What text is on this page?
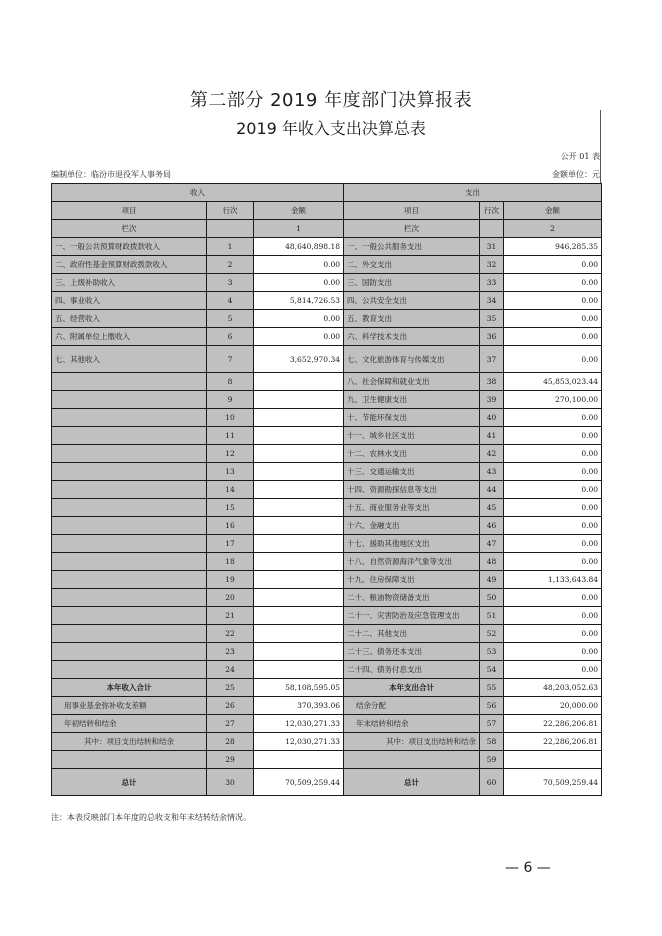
第二部分 2019 年度部门决算报表
2019 年收入支出决算总表
公开 01 表
编制单位：临汾市退役军人事务局	金额单位：元
收入			支出		
项目	行次	金额	项目	行次	金额
栏次		1	栏次		2
一、一般公共预算财政拨款收入	1	48,640,898.18	一、一般公共服务支出	31	946,285.35
二、政府性基金预算财政拨款收入	2	0.00	二、外交支出	32	0.00
三、上级补助收入	3	0.00	三、国防支出	33	0.00
四、事业收入	4	5,814,726.53	四、公共安全支出	34	0.00
五、经营收入	5	0.00	五、教育支出	35	0.00
六、附属单位上缴收入	6	0.00	六、科学技术支出	36	0.00
七、其他收入	7	3,652,970.34	七、文化旅游体育与传媒支出	37	0.00
	8		八、社会保障和就业支出	38	45,853,023.44
	9		九、卫生健康支出	39	270,100.00
	10		十、节能环保支出	40	0.00
	11		十一、城乡社区支出	41	0.00
	12		十二、农林水支出	42	0.00
	13		十三、交通运输支出	43	0.00
	14		十四、资源勘探信息等支出	44	0.00
	15		十五、商业服务业等支出	45	0.00
	16		十六、金融支出	46	0.00
	17		十七、援助其他地区支出	47	0.00
	18		十八、自然资源海洋气象等支出	48	0.00
	19		十九、住房保障支出	49	1,133,643.84
	20		二十、粮油物资储备支出	50	0.00
	21		二十一、灾害防治及应急管理支出	51	0.00
	22		二十二、其他支出	52	0.00
	23		二十三、债务还本支出	53	0.00
	24		二十四、债务付息支出	54	0.00
本年收入合计	25	58,108,595.05	本年支出合计	55	48,203,052.63
用事业基金弥补收支差额	26	370,393.06	结余分配	56	20,000.00
年初结转和结余	27	12,030,271.33	年末结转和结余	57	22,286,206.81
其中：项目支出结转和结余	28	12,030,271.33	其中：项目支出结转和结余	58	22,286,206.81
	29			59	
总计	30	70,509,259.44	总计	60	70,509,259.44
注：本表反映部门本年度的总收支和年末结转结余情况。
— 6 —
